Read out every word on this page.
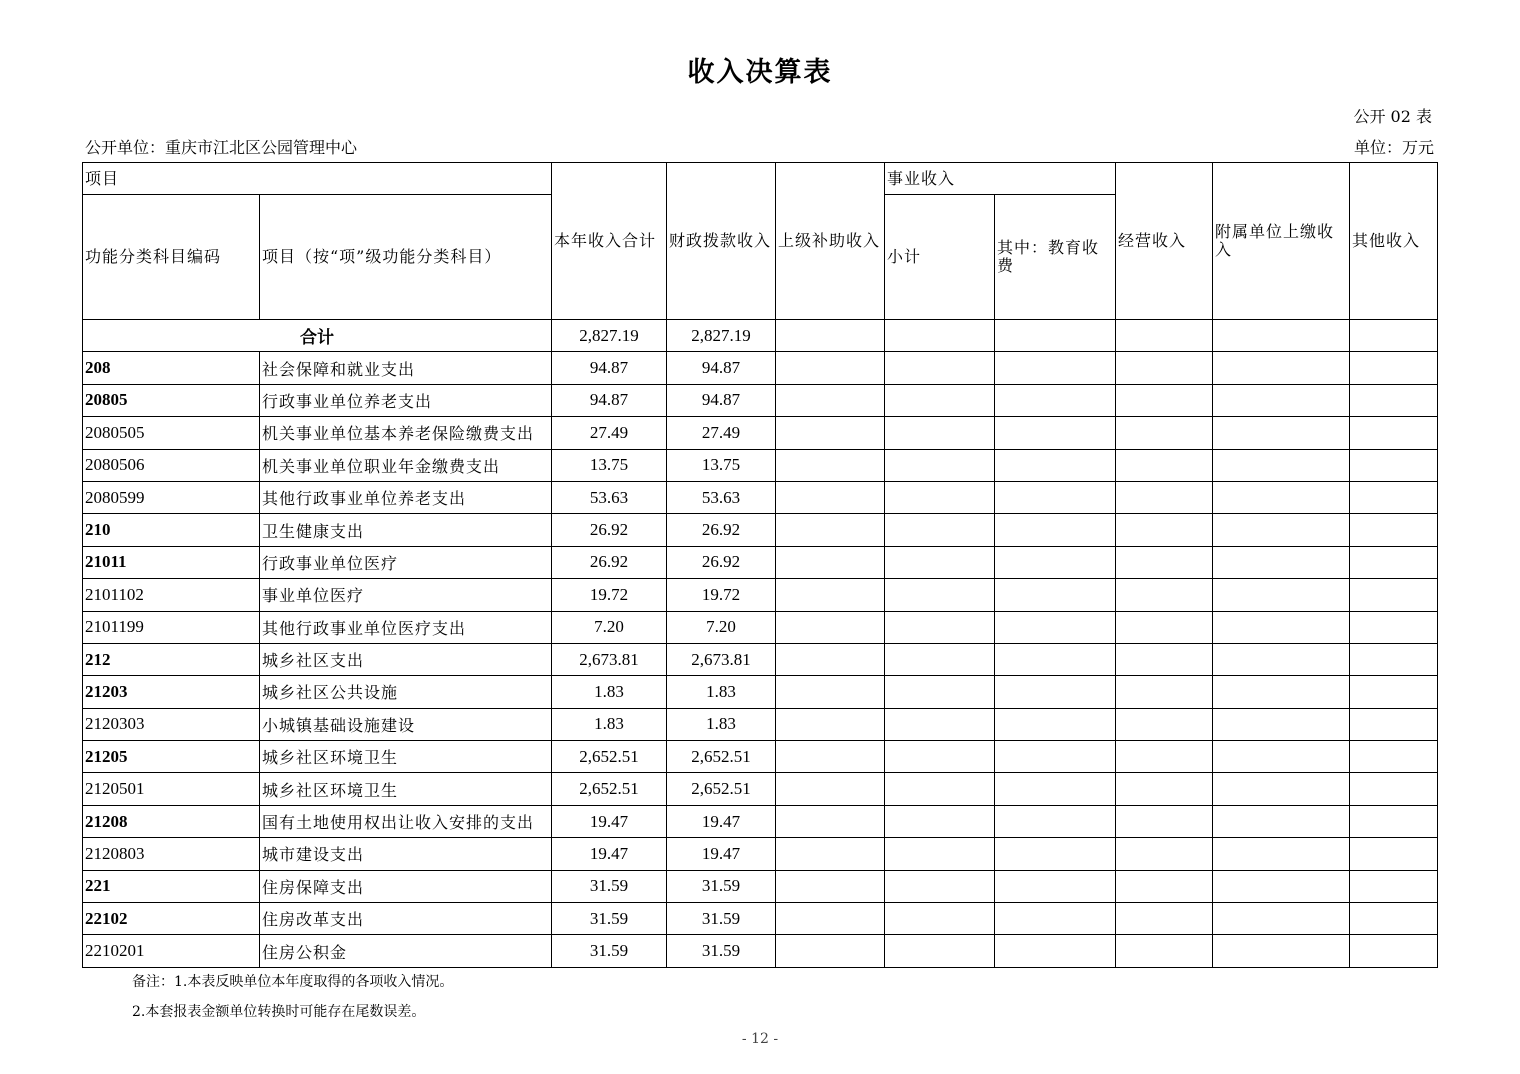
收入决算表
公开 02 表
公开单位：重庆市江北区公园管理中心	单位：万元
项目		本年收入合计	财政拨款收入	上级补助收入	事业收入		经营收入	附属单位上缴收入	其他收入
功能分类科目编码	项目（按“项”级功能分类科目）				小计	其中：教育收费			
合计		2,827.19	2,827.19						
208	社会保障和就业支出	94.87	94.87						
20805	行政事业单位养老支出	94.87	94.87						
2080505	机关事业单位基本养老保险缴费支出	27.49	27.49						
2080506	机关事业单位职业年金缴费支出	13.75	13.75						
2080599	其他行政事业单位养老支出	53.63	53.63						
210	卫生健康支出	26.92	26.92						
21011	行政事业单位医疗	26.92	26.92						
2101102	事业单位医疗	19.72	19.72						
2101199	其他行政事业单位医疗支出	7.20	7.20						
212	城乡社区支出	2,673.81	2,673.81						
21203	城乡社区公共设施	1.83	1.83						
2120303	小城镇基础设施建设	1.83	1.83						
21205	城乡社区环境卫生	2,652.51	2,652.51						
2120501	城乡社区环境卫生	2,652.51	2,652.51						
21208	国有土地使用权出让收入安排的支出	19.47	19.47						
2120803	城市建设支出	19.47	19.47						
221	住房保障支出	31.59	31.59						
22102	住房改革支出	31.59	31.59						
2210201	住房公积金	31.59	31.59						
备注：1.本表反映单位本年度取得的各项收入情况。
2.本套报表金额单位转换时可能存在尾数误差。
- 12 -
